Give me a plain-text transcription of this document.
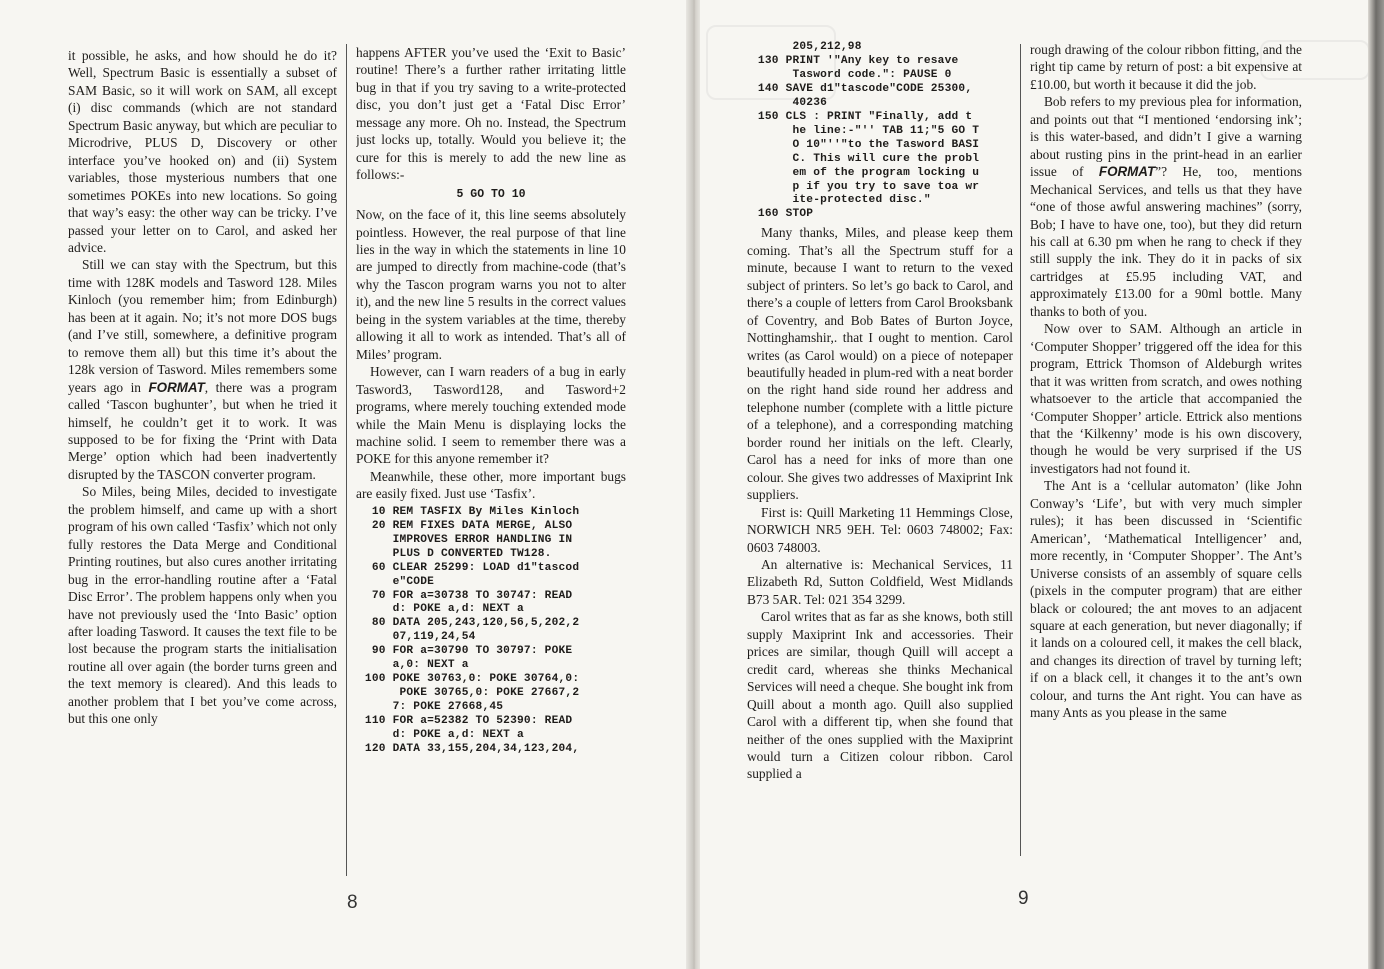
it possible, he asks, and how should he do it? Well, Spectrum Basic is essentially a subset of SAM Basic, so it will work on SAM, all except (i) disc commands (which are not standard Spectrum Basic anyway, but which are peculiar to Microdrive, PLUS D, Discovery or other interface you’ve hooked on) and (ii) System variables, those mysterious numbers that one sometimes POKEs into new locations. So going that way’s easy: the other way can be tricky. I’ve passed your letter on to Carol, and asked her advice.

Still we can stay with the Spectrum, but this time with 128K models and Tasword 128. Miles Kinloch (you remember him; from Edinburgh) has been at it again. No; it’s not more DOS bugs (and I’ve still, somewhere, a definitive program to remove them all) but this time it’s about the 128k version of Tasword. Miles remembers some years ago in FORMAT, there was a program called ‘Tascon bughunter’, but when he tried it himself, he couldn’t get it to work. It was supposed to be for fixing the ‘Print with Data Merge’ option which had been inadvertently disrupted by the TASCON converter program.

So Miles, being Miles, decided to investigate the problem himself, and came up with a short program of his own called ‘Tasfix’ which not only fully restores the Data Merge and Conditional Printing routines, but also cures another irritating bug in the error-handling routine after a ‘Fatal Disc Error’. The problem happens only when you have not previously used the ‘Into Basic’ option after loading Tasword. It causes the text file to be lost because the program starts the initialisation routine all over again (the border turns green and the text memory is cleared). And this leads to another problem that I bet you’ve come across, but this one only

happens AFTER you’ve used the ‘Exit to Basic’ routine! There’s a further rather irritating little bug in that if you try saving to a write-protected disc, you don’t just get a ‘Fatal Disc Error’ message any more. Oh no. Instead, the Spectrum just locks up, totally. Would you believe it; the cure for this is merely to add the new line as follows:-

5 GO TO 10

Now, on the face of it, this line seems absolutely pointless. However, the real purpose of that line lies in the way in which the statements in line 10 are jumped to directly from machine-code (that’s why the Tascon program warns you not to alter it), and the new line 5 results in the correct values being in the system variables at the time, thereby allowing it all to work as intended. That’s all of Miles’ program.

However, can I warn readers of a bug in early Tasword3, Tasword128, and Tasword+2 programs, where merely touching extended mode while the Main Menu is displaying locks the machine solid. I seem to remember there was a POKE for this anyone remember it?

Meanwhile, these other, more important bugs are easily fixed. Just use ‘Tasfix’.

10 REM TASFIX By Miles Kinloch
20 REM FIXES DATA MERGE, ALSO
IMPROVES ERROR HANDLING IN
PLUS D CONVERTED TW128.
60 CLEAR 25299: LOAD d1"tascod
e"CODE
70 FOR a=30738 TO 30747: READ
d: POKE a,d: NEXT a
80 DATA 205,243,120,56,5,202,2
07,119,24,54
90 FOR a=30790 TO 30797: POKE
a,0: NEXT a
100 POKE 30763,0: POKE 30764,0:
POKE 30765,0: POKE 27667,2
7: POKE 27668,45
110 FOR a=52382 TO 52390: READ
d: POKE a,d: NEXT a
120 DATA 33,155,204,34,123,204,
8
205,212,98
130 PRINT '"Any key to resave
Tasword code.": PAUSE 0
140 SAVE d1"tascode"CODE 25300,
40236
150 CLS : PRINT "Finally, add t
he line:-"'' TAB 11;"5 GO T
O 10"''"to the Tasword BASI
C. This will cure the probl
em of the program locking u
p if you try to save toa wr
ite-protected disc."
160 STOP

Many thanks, Miles, and please keep them coming. That’s all the Spectrum stuff for a minute, because I want to return to the vexed subject of printers. So let’s go back to Carol, and there’s a couple of letters from Carol Brooksbank of Coventry, and Bob Bates of Burton Joyce, Nottinghamshir,. that I ought to mention. Carol writes (as Carol would) on a piece of notepaper beautifully headed in plum-red with a neat border on the right hand side round her address and telephone number (complete with a little picture of a telephone), and a corresponding matching border round her initials on the left. Clearly, Carol has a need for inks of more than one colour. She gives two addresses of Maxiprint Ink suppliers.

First is: Quill Marketing 11 Hemmings Close, NORWICH NR5 9EH. Tel: 0603 748002; Fax: 0603 748003.

An alternative is: Mechanical Services, 11 Elizabeth Rd, Sutton Coldfield, West Midlands B73 5AR. Tel: 021 354 3299.

Carol writes that as far as she knows, both still supply Maxiprint Ink and accessories. Their prices are similar, though Quill will accept a credit card, whereas she thinks Mechanical Services will need a cheque. She bought ink from Quill about a month ago. Quill also supplied Carol with a different tip, when she found that neither of the ones supplied with the Maxiprint would turn a Citizen colour ribbon. Carol supplied a

rough drawing of the colour ribbon fitting, and the right tip came by return of post: a bit expensive at £10.00, but worth it because it did the job.

Bob refers to my previous plea for information, and points out that “I mentioned ‘endorsing ink’; is this water-based, and didn’t I give a warning about rusting pins in the print-head in an earlier issue of FORMAT”? He, too, mentions Mechanical Services, and tells us that they have “one of those awful answering machines” (sorry, Bob; I have to have one, too), but they did return his call at 6.30 pm when he rang to check if they still supply the ink. They do it in packs of six cartridges at £5.95 including VAT, and approximately £13.00 for a 90ml bottle. Many thanks to both of you.

Now over to SAM. Although an article in ‘Computer Shopper’ triggered off the idea for this program, Ettrick Thomson of Aldeburgh writes that it was written from scratch, and owes nothing whatsoever to the article that accompanied the ‘Computer Shopper’ article. Ettrick also mentions that the ‘Kilkenny’ mode is his own discovery, though he would be very surprised if the US investigators had not found it.

The Ant is a ‘cellular automaton’ (like John Conway’s ‘Life’, but with very much simpler rules); it has been discussed in ‘Scientific American’, ‘Mathematical Intelligencer’ and, more recently, in ‘Computer Shopper’. The Ant’s Universe consists of an assembly of square cells (pixels in the computer program) that are either black or coloured; the ant moves to an adjacent square at each generation, but never diagonally; if it lands on a coloured cell, it makes the cell black, and changes its direction of travel by turning left; if on a black cell, it changes it to the ant’s own colour, and turns the Ant right. You can have as many Ants as you please in the same

9
